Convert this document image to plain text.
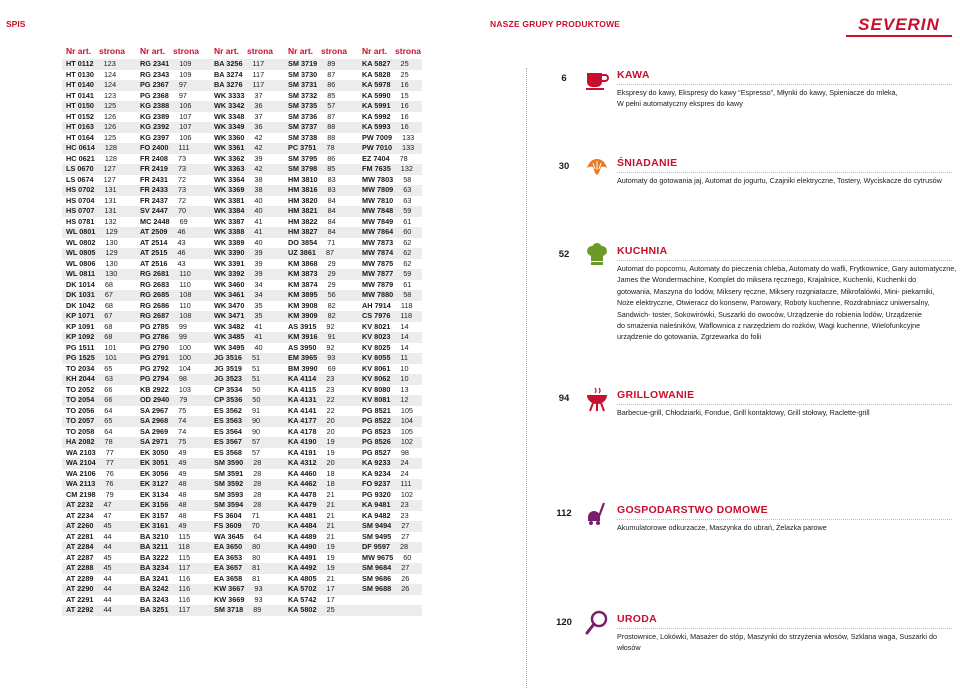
SPIS	NASZE GRUPY PRODUKTOWE	SEVERIN
Nr art. strona Nr art. strona Nr art. strona Nr art. strona Nr art. strona
HT 0112 123	RG 2341 109	BA 3256 117	SM 3719 89	KA 5827 25
HT 0130 124	RG 2343 109	BA 3274 117	SM 3730 87	KA 5828 25
HT 0140 124	PG 2367 97	BA 3276 117	SM 3731 86	KA 5978 16
HT 0141 123	PG 2368 97	WK 3333 37	SM 3732 85	KA 5990 15
HT 0150 125	KG 2388 106	WK 3342 36	SM 3735 57	KA 5991 16
HT 0152 126	KG 2389 107	WK 3348 37	SM 3736 87	KA 5992 16
HT 0163 126	KG 2392 107	WK 3349 36	SM 3737 88	KA 5993 16
HT 0164 125	KG 2397 106	WK 3360 42	SM 3738 88	PW 7009 133
HC 0614 128	FO 2400 111	WK 3361 42	PC 3751 78	PW 7010 133
HC 0621 128	FR 2408 73	WK 3362 39	SM 3795 86	EZ 7404 78
LS 0670 127	FR 2419 73	WK 3363 42	SM 3798 85	FM 7635 132
LS 0674 127	FR 2431 72	WK 3364 38	HM 3810 83	MW 7803 58
HS 0702 131	FR 2433 73	WK 3369 38	HM 3816 83	MW 7809 63
HS 0704 131	FR 2437 72	WK 3381 40	HM 3820 84	MW 7810 63
HS 0707 131	SV 2447 70	WK 3384 40	HM 3821 84	MW 7848 59
HS 0781 132	MC 2448 69	WK 3387 41	HM 3822 84	MW 7849 61
WL 0801 129	AT 2509 46	WK 3388 41	HM 3827 84	MW 7864 60
WL 0802 130	AT 2514 43	WK 3389 40	DO 3854 71	MW 7873 62
WL 0805 129	AT 2515 46	WK 3390 39	UZ 3861 87	MW 7874 62
WL 0806 130	AT 2516 43	WK 3391 39	KM 3868 29	MW 7875 62
WL 0811 130	RG 2681 110	WK 3392 39	KM 3873 29	MW 7877 59
DK 1014 68	RG 2683 110	WK 3460 34	KM 3874 29	MW 7879 61
DK 1031 67	RG 2685 108	WK 3461 34	KM 3895 56	MW 7880 58
DK 1042 68	RG 2686 110	WK 3470 35	KM 3908 82	AH 7914 118
KP 1071 67	RG 2687 108	WK 3471 35	KM 3909 82	CS 7976 118
KP 1091 68	PG 2785 99	WK 3482 41	AS 3915 92	KV 8021 14
KP 1092 68	PG 2786 99	WK 3485 41	KM 3916 91	KV 8023 14
PG 1511 101	PG 2790 100	WK 3495 40	AS 3950 92	KV 8025 14
PG 1525 101	PG 2791 100	JG 3516 51	EM 3965 93	KV 8055 11
TO 2034 65	PG 2792 104	JG 3519 51	BM 3990 69	KV 8061 10
KH 2044 63	PG 2794 98	JG 3523 51	KA 4114 23	KV 8062 10
TO 2052 66	KB 2922 103	CP 3534 50	KA 4115 23	KV 8080 13
TO 2054 66	OD 2940 79	CP 3536 50	KA 4131 22	KV 8081 12
TO 2056 64	SA 2967 75	ES 3562 91	KA 4141 22	PG 8521 105
TO 2057 65	SA 2968 74	ES 3563 90	KA 4177 20	PG 8522 104
TO 2058 64	SA 2969 74	ES 3564 90	KA 4178 20	PG 8523 105
HA 2082 78	SA 2971 75	ES 3567 57	KA 4190 19	PG 8526 102
WA 2103 77	EK 3050 49	ES 3568 57	KA 4191 19	PG 8527 98
WA 2104 77	EK 3051 49	SM 3590 28	KA 4312 20	KA 9233 24
WA 2106 76	EK 3056 49	SM 3591 28	KA 4460 18	KA 9234 24
WA 2113 76	EK 3127 48	SM 3592 28	KA 4462 18	FO 9237 111
CM 2198 79	EK 3134 48	SM 3593 28	KA 4478 21	PG 9320 102
AT 2232 47	EK 3156 48	SM 3594 28	KA 4479 21	KA 9481 23
AT 2234 47	EK 3157 48	FS 3604 71	KA 4481 21	KA 9482 23
AT 2260 45	EK 3161 49	FS 3609 70	KA 4484 21	SM 9494 27
AT 2281 44	BA 3210 115	WA 3645 64	KA 4489 21	SM 9495 27
AT 2284 44	BA 3211 118	EA 3650 80	KA 4490 19	DF 9597 28
AT 2287 45	BA 3222 115	EA 3653 80	KA 4491 19	MW 9675 60
AT 2288 45	BA 3234 117	EA 3657 81	KA 4492 19	SM 9684 27
AT 2289 44	BA 3241 116	EA 3658 81	KA 4805 21	SM 9686 26
AT 2290 44	BA 3242 116	KW 3667 93	KA 5702 17	SM 9688 26
AT 2291 44	BA 3243 116	KW 3669 93	KA 5742 17
AT 2292 44	BA 3251 117	SM 3718 89	KA 5802 25
6	KAWA
Ekspresy do kawy, Ekspresy do kawy “Espresso”, Młynki do kawy, Spieniacze do mleka,
W pełni automatyczny ekspres do kawy
30	ŚNIADANIE
Automaty do gotowania jaj, Automat do jogurtu, Czajniki elektryczne, Tostery, Wyciskacze do cytrusów
52	KUCHNIA
Automat do popcornu, Automaty do pieczenia chleba, Automaty do waﬂi, Frytkownice, Gary automatyczne,
James the Wondermachine, Komplet do miksera ręcznego, Krajalnice, Kuchenki, Kuchenki do
gotowania, Maszyna do lodów, Miksery ręczne, Miksery rozgniatacze, Mikrofalówki, Mini- piekarniki,
Noże elektryczne, Otwieracz do konserw, Parowary, Roboty kuchenne, Rozdrabniacz uniwersalny,
Sandwich- toster, Sokowirówki, Suszarki do owoców, Urządzenie do robienia lodów, Urządzenie
do smażenia naleśników, Waﬂownica z narzędziem do rożków, Wagi kuchenne, Wielofunkcyjne
urządzenie do gotowania, Zgrzewarka do folii
94	GRILLOWANIE
Barbecue-grill, Chłodziarki, Fondue, Grill kontaktowy, Grill stołowy, Raclette-grill
112	GOSPODARSTWO DOMOWE
Akumulatorowe odkurzacze, Maszynka do ubrań, Żelazka parowe
120	URODA
Prostownice, Lokówki, Masażer do stóp, Maszynki do strzyżenia włosów, Szklana waga, Suszarki do włosów
